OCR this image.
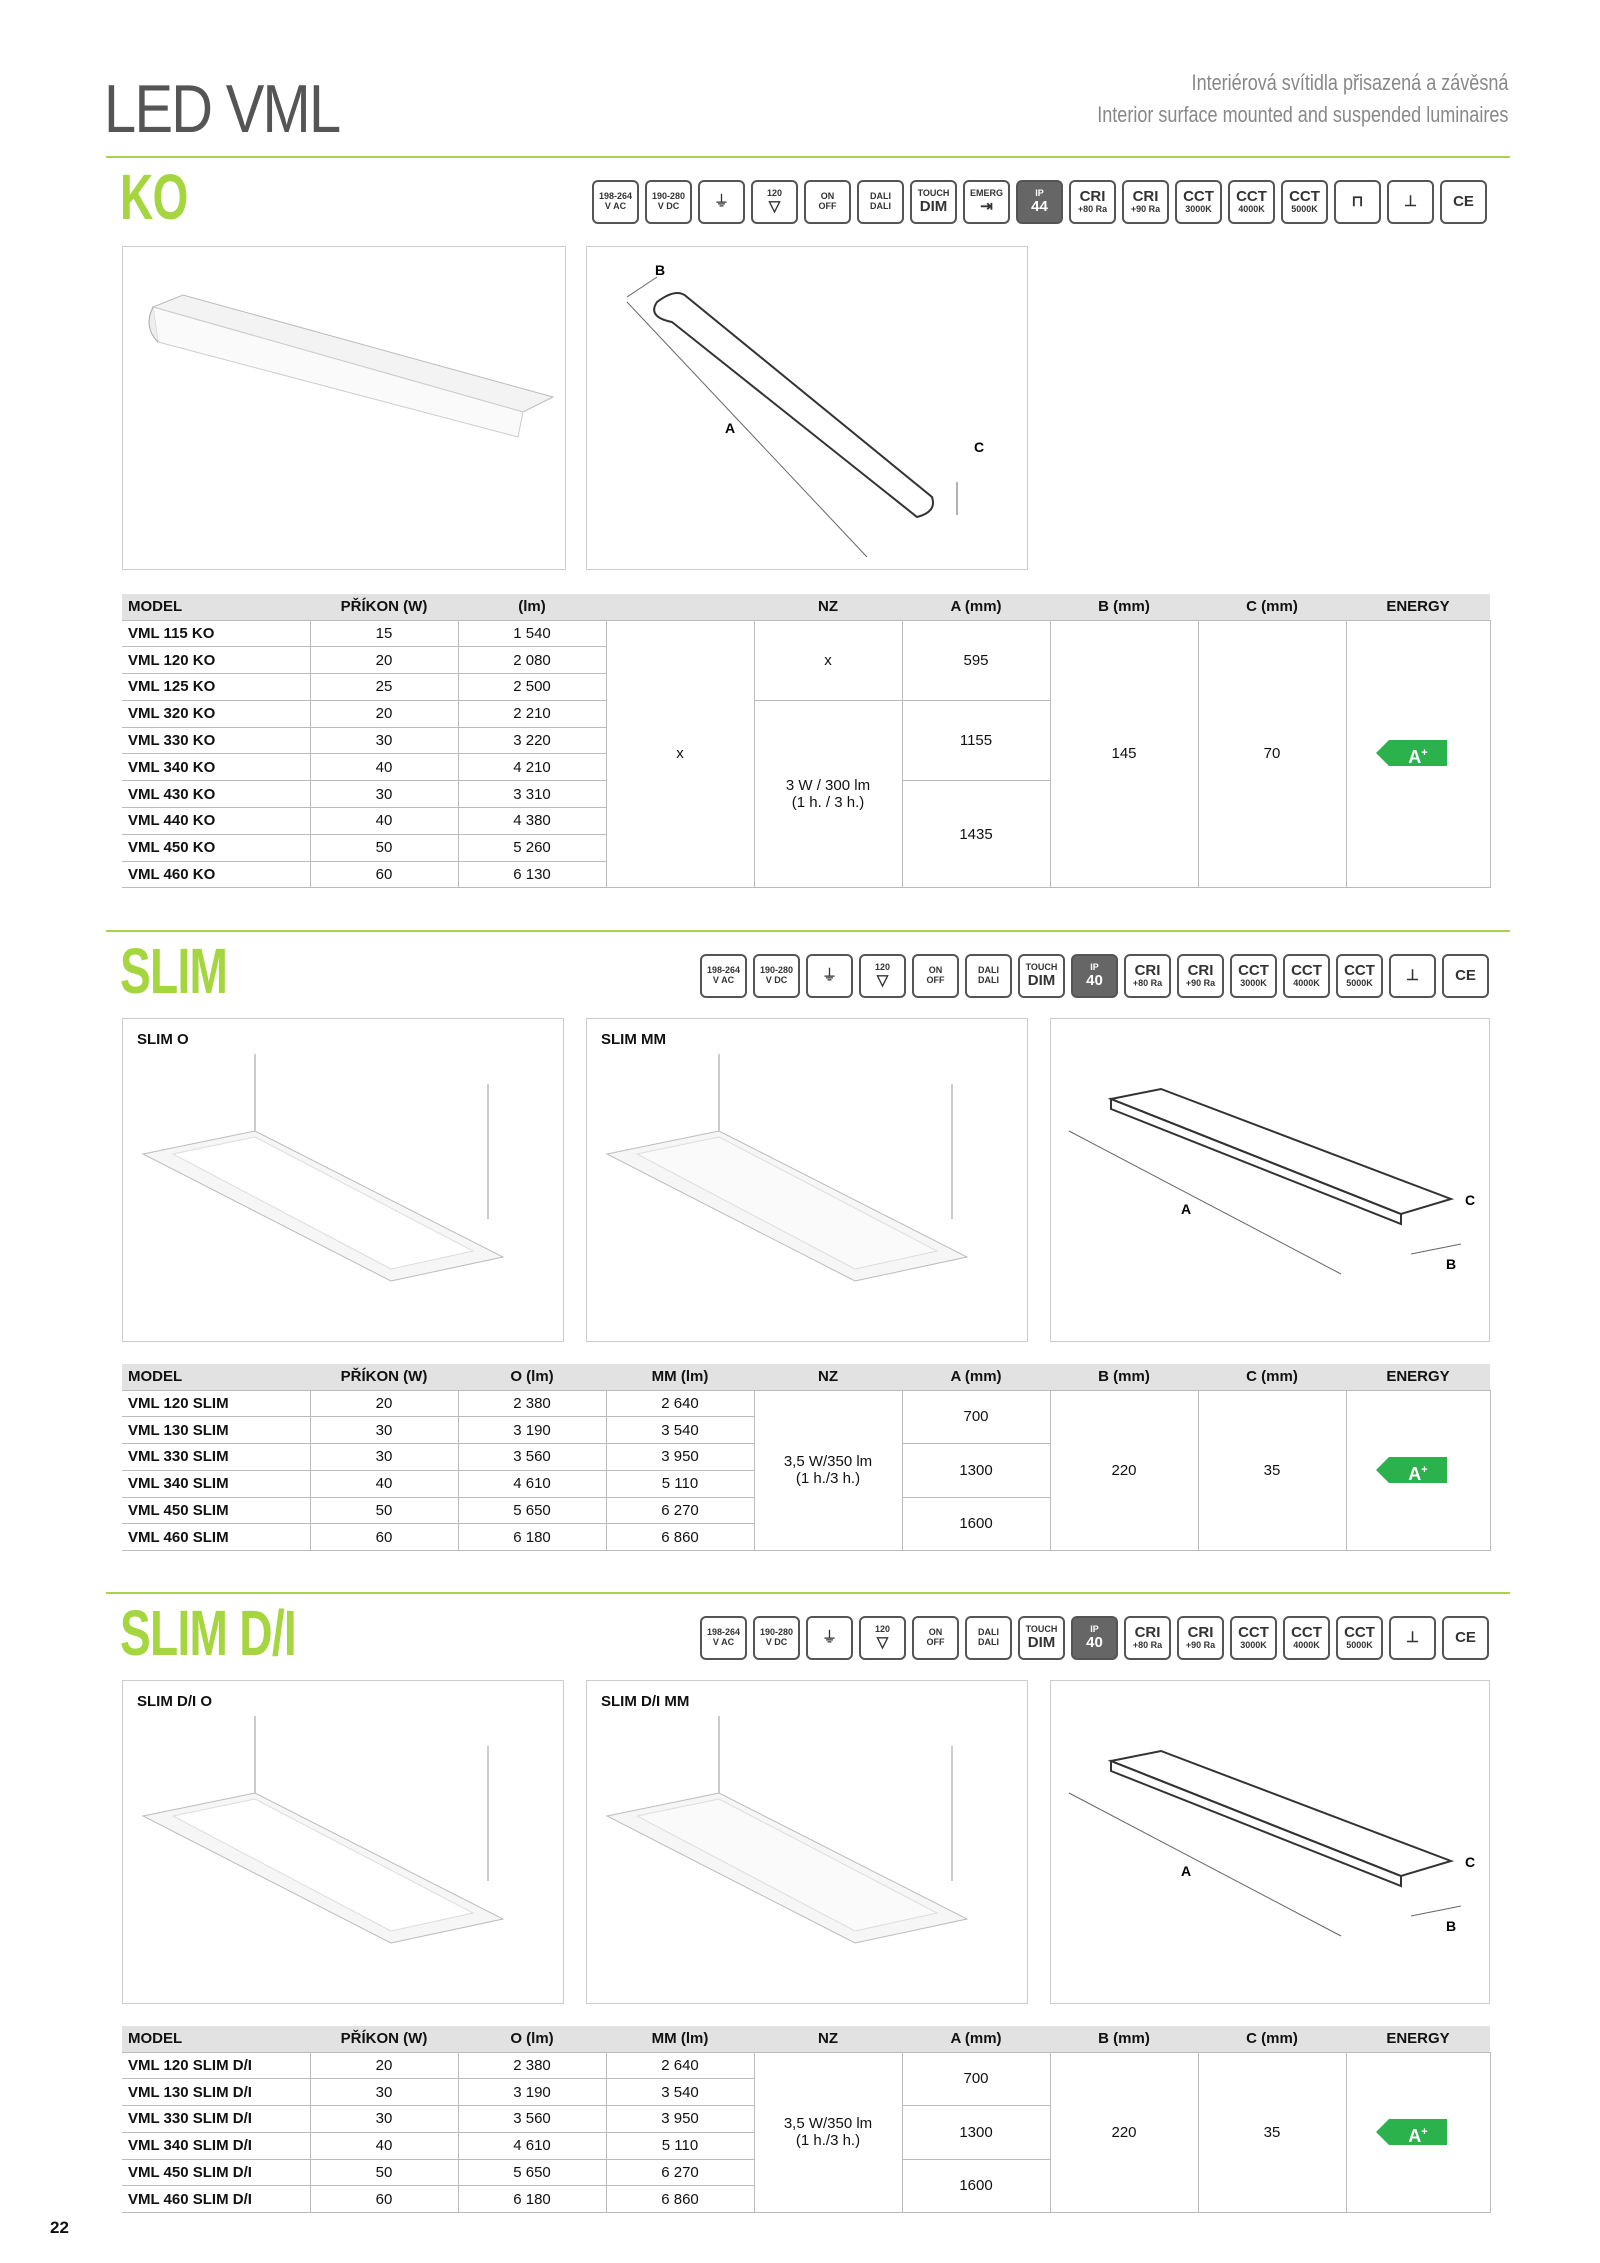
LED VML	Interiérová svítidla přisazená a závěsná
Interior surface mounted and suspended luminaires
KO	198-264
V AC
190-280
V DC ⏚	120
▽
ON
OFF
DALI
DALI
TOUCH
DIM
EMERG
⇥
IP
44
CRI
+80 Ra
CRI
+90 Ra
CCT
3000K
CCT
4000K
CCT
5000K ⊓	⊥ CE
B
A
C
MODEL	PŘÍKON (W)	(lm)		NZ	A (mm)	B (mm)	C (mm)	ENERGY
VML 115 KO	15	1 540	x	x	595	145	70	A+
VML 120 KO	20	2 080						
VML 125 KO	25	2 500						
VML 320 KO	20	2 210		3 W / 300 lm
(1 h. / 3 h.)	1155			
VML 330 KO	30	3 220						
VML 340 KO	40	4 210						
VML 430 KO	30	3 310			1435			
VML 440 KO	40	4 380						
VML 450 KO	50	5 260						
VML 460 KO	60	6 130						
SLIM	198-264
V AC
190-280
V DC ⏚	120
▽
ON
OFF
DALI
DALI
TOUCH
DIM
IP
40
CRI
+80 Ra
CRI
+90 Ra
CCT
3000K
CCT
4000K
CCT
5000K ⊥ CE
SLIM O	SLIM MM
A
B
C
MODEL	PŘÍKON (W)	O (lm)	MM (lm)	NZ	A (mm)	B (mm)	C (mm)	ENERGY
VML 120 SLIM	20	2 380	2 640	3,5 W/350 lm
(1 h./3 h.)	700	220	35	A+
VML 130 SLIM	30	3 190	3 540					
VML 330 SLIM	30	3 560	3 950		1300			
VML 340 SLIM	40	4 610	5 110					
VML 450 SLIM	50	5 650	6 270		1600			
VML 460 SLIM	60	6 180	6 860					
SLIM D/I	198-264
V AC
190-280
V DC ⏚	120
▽
ON
OFF
DALI
DALI
TOUCH
DIM
IP
40
CRI
+80 Ra
CRI
+90 Ra
CCT
3000K
CCT
4000K
CCT
5000K ⊥ CE
SLIM D/I O	SLIM D/I MM
A
B
C
MODEL	PŘÍKON (W)	O (lm)	MM (lm)	NZ	A (mm)	B (mm)	C (mm)	ENERGY
VML 120 SLIM D/I	20	2 380	2 640	3,5 W/350 lm
(1 h./3 h.)	700	220	35	A+
VML 130 SLIM D/I	30	3 190	3 540					
VML 330 SLIM D/I	30	3 560	3 950		1300			
VML 340 SLIM D/I	40	4 610	5 110					
VML 450 SLIM D/I	50	5 650	6 270		1600			
VML 460 SLIM D/I	60	6 180	6 860					
22
